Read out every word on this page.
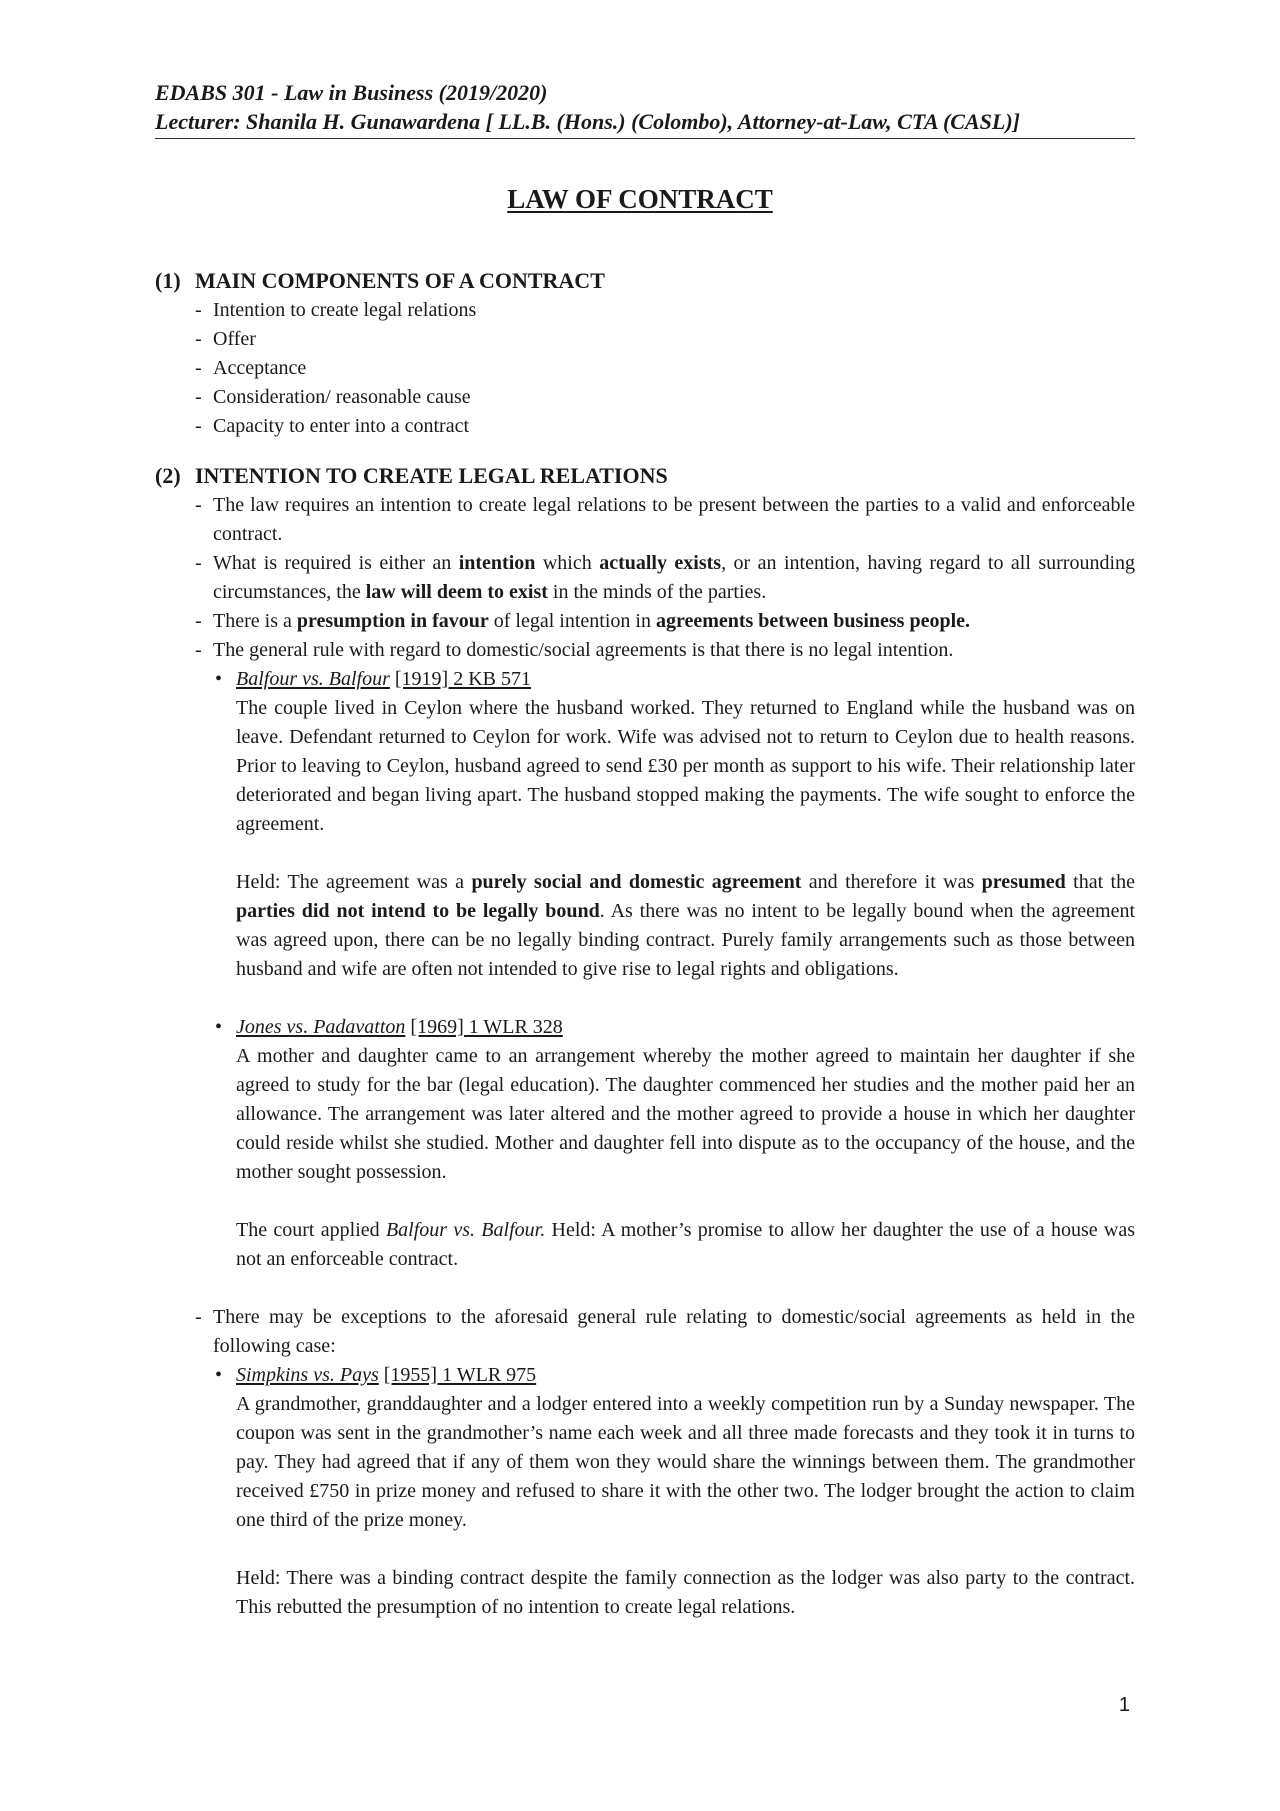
EDABS 301 - Law in Business (2019/2020)
Lecturer: Shanila H. Gunawardena [ LL.B. (Hons.) (Colombo), Attorney-at-Law, CTA (CASL)]
LAW OF CONTRACT
(1) MAIN COMPONENTS OF A CONTRACT
- Intention to create legal relations
- Offer
- Acceptance
- Consideration/ reasonable cause
- Capacity to enter into a contract
(2) INTENTION TO CREATE LEGAL RELATIONS
- The law requires an intention to create legal relations to be present between the parties to a valid and enforceable contract.
- What is required is either an intention which actually exists, or an intention, having regard to all surrounding circumstances, the law will deem to exist in the minds of the parties.
- There is a presumption in favour of legal intention in agreements between business people.
- The general rule with regard to domestic/social agreements is that there is no legal intention.
• Balfour vs. Balfour [1919] 2 KB 571
The couple lived in Ceylon where the husband worked. They returned to England while the husband was on leave. Defendant returned to Ceylon for work. Wife was advised not to return to Ceylon due to health reasons. Prior to leaving to Ceylon, husband agreed to send £30 per month as support to his wife. Their relationship later deteriorated and began living apart. The husband stopped making the payments. The wife sought to enforce the agreement.
Held: The agreement was a purely social and domestic agreement and therefore it was presumed that the parties did not intend to be legally bound. As there was no intent to be legally bound when the agreement was agreed upon, there can be no legally binding contract. Purely family arrangements such as those between husband and wife are often not intended to give rise to legal rights and obligations.
• Jones vs. Padavatton [1969] 1 WLR 328
A mother and daughter came to an arrangement whereby the mother agreed to maintain her daughter if she agreed to study for the bar (legal education). The daughter commenced her studies and the mother paid her an allowance. The arrangement was later altered and the mother agreed to provide a house in which her daughter could reside whilst she studied. Mother and daughter fell into dispute as to the occupancy of the house, and the mother sought possession.
The court applied Balfour vs. Balfour. Held: A mother’s promise to allow her daughter the use of a house was not an enforceable contract.
- There may be exceptions to the aforesaid general rule relating to domestic/social agreements as held in the following case:
• Simpkins vs. Pays [1955] 1 WLR 975
A grandmother, granddaughter and a lodger entered into a weekly competition run by a Sunday newspaper. The coupon was sent in the grandmother’s name each week and all three made forecasts and they took it in turns to pay. They had agreed that if any of them won they would share the winnings between them. The grandmother received £750 in prize money and refused to share it with the other two. The lodger brought the action to claim one third of the prize money.
Held: There was a binding contract despite the family connection as the lodger was also party to the contract. This rebutted the presumption of no intention to create legal relations.
1
